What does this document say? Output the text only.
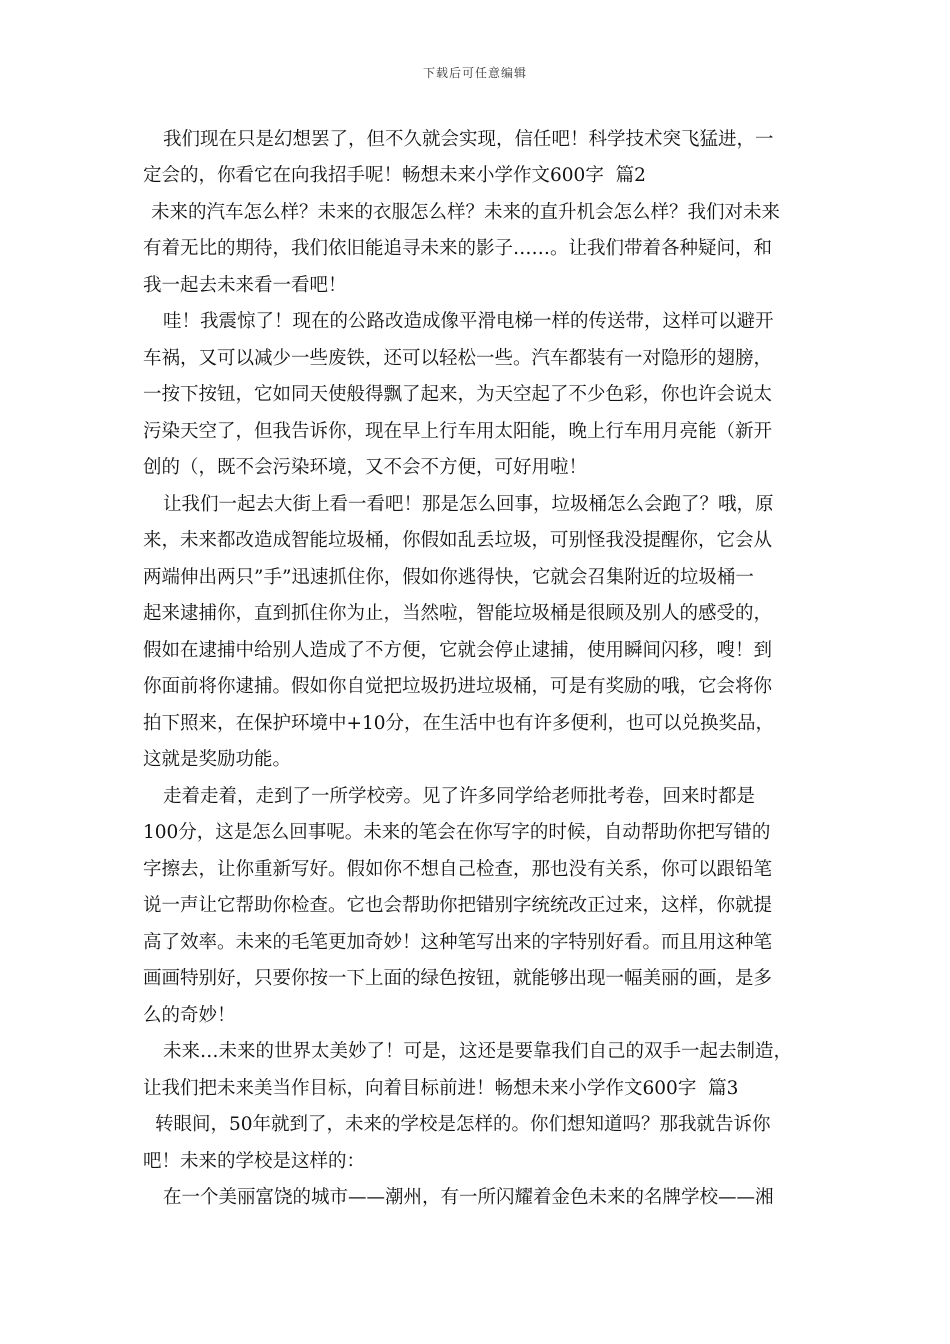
下载后可任意编辑
我们现在只是幻想罢了，但不久就会实现，信任吧！科学技术突飞猛进，一
定会的，你看它在向我招手呢！畅想未来小学作文600字  篇2
未来的汽车怎么样？未来的衣服怎么样？未来的直升机会怎么样？我们对未来
有着无比的期待，我们依旧能追寻未来的影子……。让我们带着各种疑问，和
我一起去未来看一看吧！
哇！我震惊了！现在的公路改造成像平滑电梯一样的传送带，这样可以避开
车祸，又可以减少一些废铁，还可以轻松一些。汽车都装有一对隐形的翅膀，
一按下按钮，它如同天使般得飘了起来，为天空起了不少色彩，你也许会说太
污染天空了，但我告诉你，现在早上行车用太阳能，晚上行车用月亮能（新开
创的（，既不会污染环境，又不会不方便，可好用啦！
让我们一起去大街上看一看吧！那是怎么回事，垃圾桶怎么会跑了？哦，原
来，未来都改造成智能垃圾桶，你假如乱丢垃圾，可别怪我没提醒你，它会从
两端伸出两只”手”迅速抓住你，假如你逃得快，它就会召集附近的垃圾桶一
起来逮捕你，直到抓住你为止，当然啦，智能垃圾桶是很顾及别人的感受的，
假如在逮捕中给别人造成了不方便，它就会停止逮捕，使用瞬间闪移，嗖！到
你面前将你逮捕。假如你自觉把垃圾扔进垃圾桶，可是有奖励的哦，它会将你
拍下照来，在保护环境中+10分，在生活中也有许多便利，也可以兑换奖品，
这就是奖励功能。
走着走着，走到了一所学校旁。见了许多同学给老师批考卷，回来时都是
100分，这是怎么回事呢。未来的笔会在你写字的时候，自动帮助你把写错的
字擦去，让你重新写好。假如你不想自己检查，那也没有关系，你可以跟铅笔
说一声让它帮助你检查。它也会帮助你把错别字统统改正过来，这样，你就提
高了效率。未来的毛笔更加奇妙！这种笔写出来的字特别好看。而且用这种笔
画画特别好，只要你按一下上面的绿色按钮，就能够出现一幅美丽的画，是多
么的奇妙！
未来…未来的世界太美妙了！可是，这还是要靠我们自己的双手一起去制造，
让我们把未来美当作目标，向着目标前进！畅想未来小学作文600字  篇3
转眼间，50年就到了，未来的学校是怎样的。你们想知道吗？那我就告诉你
吧！未来的学校是这样的：
在一个美丽富饶的城市——潮州，有一所闪耀着金色未来的名牌学校——湘
